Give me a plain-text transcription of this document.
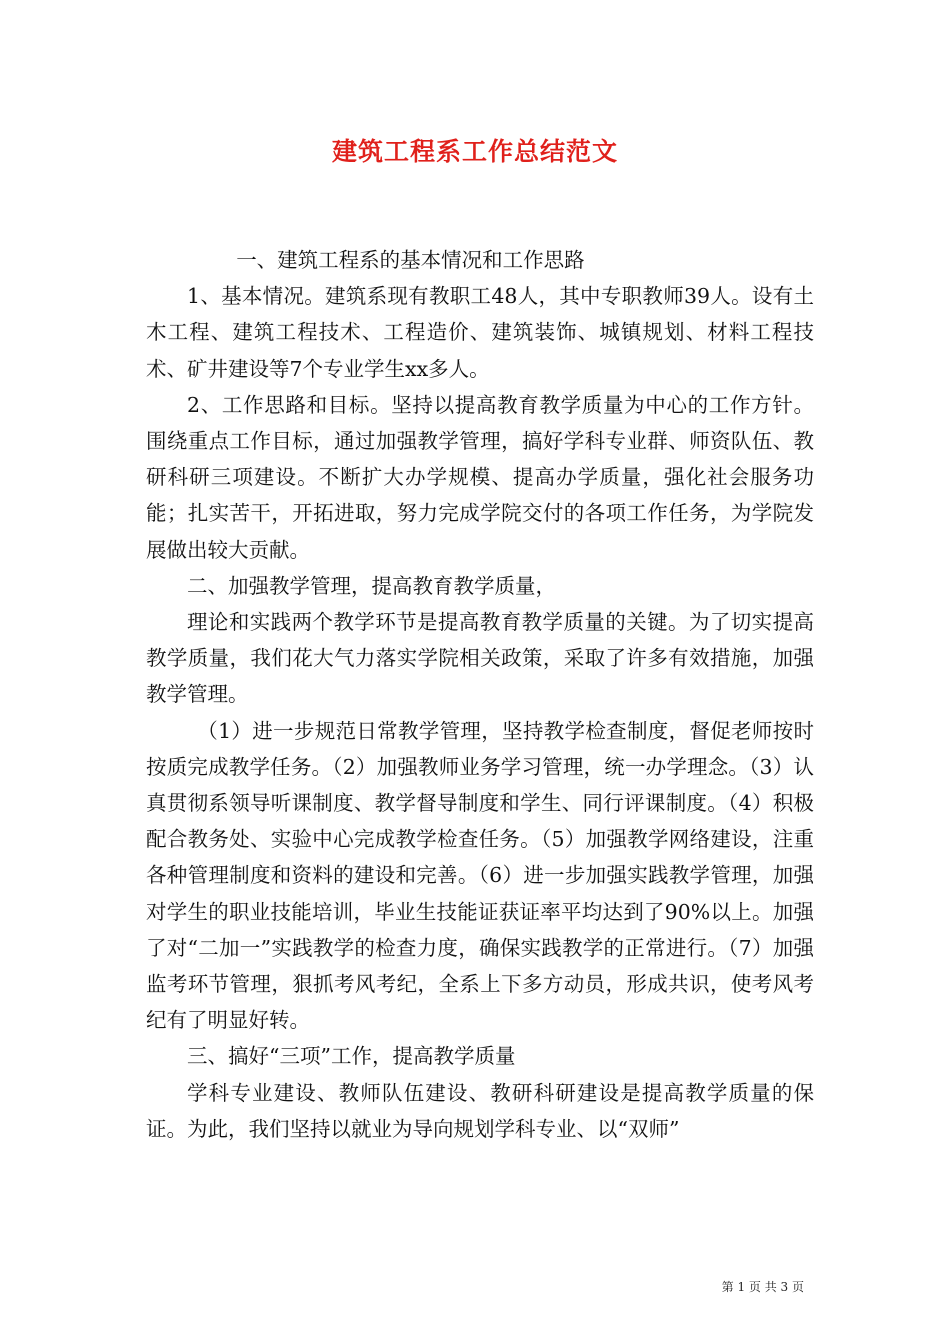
建筑工程系工作总结范文

一、建筑工程系的基本情况和工作思路

1、基本情况。建筑系现有教职工48人，其中专职教师39人。设有土木工程、建筑工程技术、工程造价、建筑装饰、城镇规划、材料工程技术、矿井建设等7个专业学生xx多人。

2、工作思路和目标。坚持以提高教育教学质量为中心的工作方针。围绕重点工作目标，通过加强教学管理，搞好学科专业群、师资队伍、教研科研三项建设。不断扩大办学规模、提高办学质量，强化社会服务功能；扎实苦干，开拓进取，努力完成学院交付的各项工作任务，为学院发展做出较大贡献。

二、加强教学管理，提高教育教学质量，

理论和实践两个教学环节是提高教育教学质量的关键。为了切实提高教学质量，我们花大气力落实学院相关政策，采取了许多有效措施，加强教学管理。

（1）进一步规范日常教学管理，坚持教学检查制度，督促老师按时按质完成教学任务。（2）加强教师业务学习管理，统一办学理念。（3）认真贯彻系领导听课制度、教学督导制度和学生、同行评课制度。（4）积极配合教务处、实验中心完成教学检查任务。（5）加强教学网络建设，注重各种管理制度和资料的建设和完善。（6）进一步加强实践教学管理，加强对学生的职业技能培训，毕业生技能证获证率平均达到了90%以上。加强了对“二加一”实践教学的检查力度，确保实践教学的正常进行。（7）加强监考环节管理，狠抓考风考纪，全系上下多方动员，形成共识，使考风考纪有了明显好转。

三、搞好“三项”工作，提高教学质量

学科专业建设、教师队伍建设、教研科研建设是提高教学质量的保证。为此，我们坚持以就业为导向规划学科专业、以“双师”

第 1 页 共 3 页
